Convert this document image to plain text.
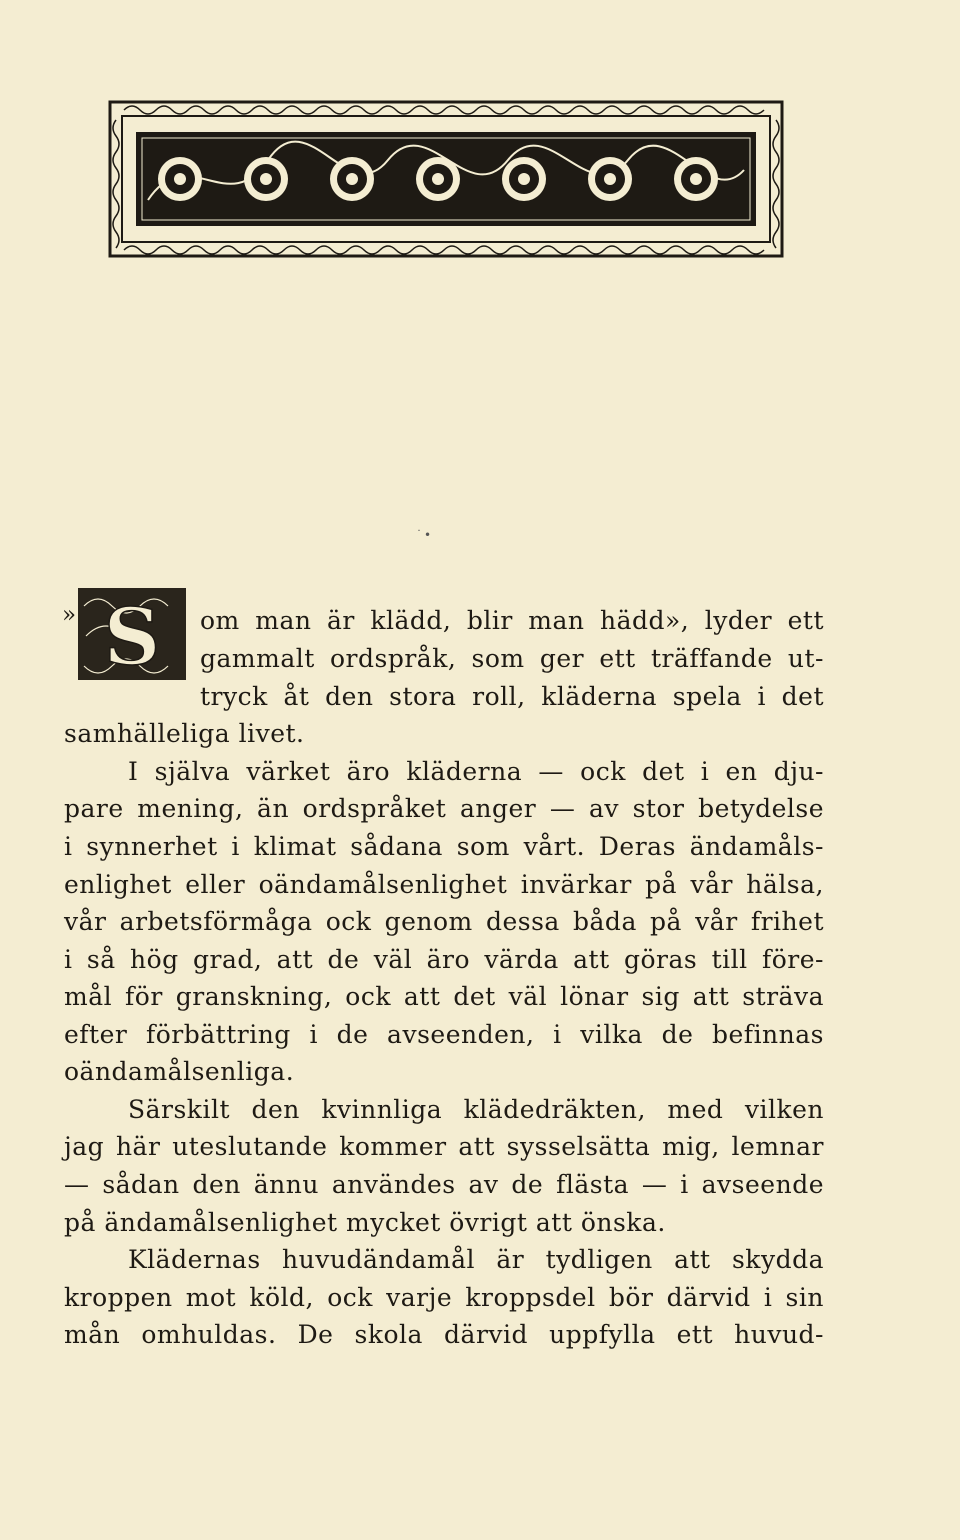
˙•
» S om man är klädd, blir man hädd», lyder ett
gammalt ordspråk, som ger ett träffande ut-
tryck åt den stora roll, kläderna spela i det
samhälleliga livet.
I själva värket äro kläderna — ock det i en dju-
pare mening, än ordspråket anger — av stor betydelse
i synnerhet i klimat sådana som vårt. Deras ändamåls-
enlighet eller oändamålsenlighet invärkar på vår hälsa,
vår arbetsförmåga ock genom dessa båda på vår frihet
i så hög grad, att de väl äro värda att göras till före-
mål för granskning, ock att det väl lönar sig att sträva
efter förbättring i de avseenden, i vilka de befinnas
oändamålsenliga.
Särskilt den kvinnliga klädedräkten, med vilken
jag här uteslutande kommer att sysselsätta mig, lemnar
— sådan den ännu användes av de flästa — i avseende
på ändamålsenlighet mycket övrigt att önska.
Klädernas huvudändamål är tydligen att skydda
kroppen mot köld, ock varje kroppsdel bör därvid i sin
mån omhuldas. De skola därvid uppfylla ett huvud-
